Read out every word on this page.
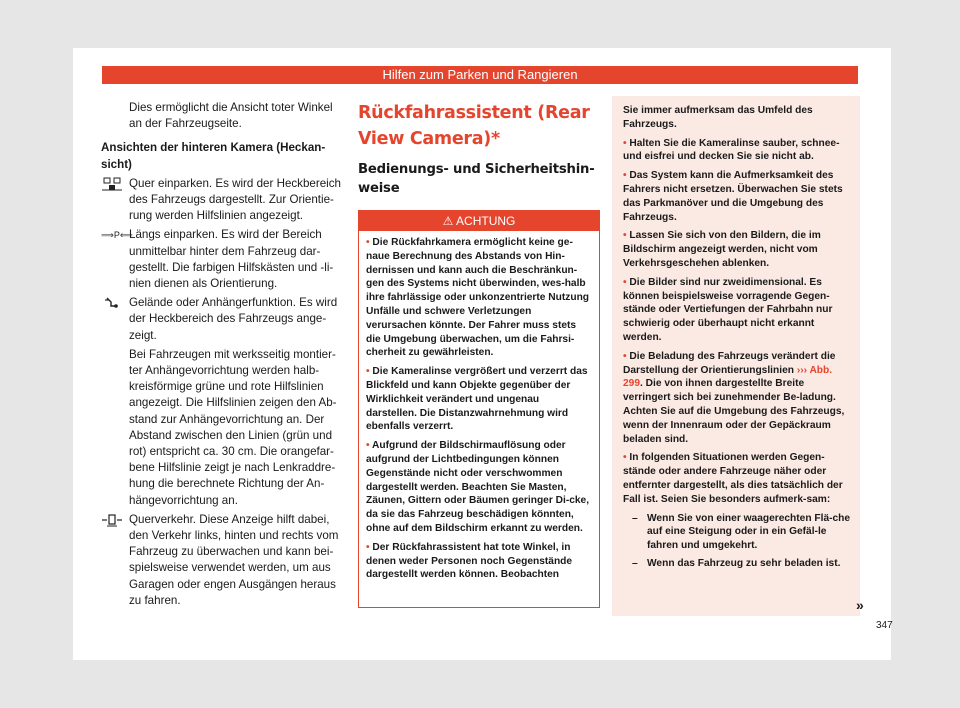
Hilfen zum Parken und Rangieren

Dies ermöglicht die Ansicht toter Winkel an der Fahrzeugseite.

Ansichten der hinteren Kamera (Heckan-sicht)

Quer einparken. Es wird der Heckbereich des Fahrzeugs dargestellt. Zur Orientie-rung werden Hilfslinien angezeigt.
⟹P⟸
Längs einparken. Es wird der Bereich unmittelbar hinter dem Fahrzeug dar-gestellt. Die farbigen Hilfskästen und -li-nien dienen als Orientierung.
Gelände oder Anhängerfunktion. Es wird der Heckbereich des Fahrzeugs ange-zeigt.

Bei Fahrzeugen mit werksseitig montier-ter Anhängevorrichtung werden halb-kreisförmige grüne und rote Hilfslinien angezeigt. Die Hilfslinien zeigen den Ab-stand zur Anhängevorrichtung an. Der Abstand zwischen den Linien (grün und rot) entspricht ca. 30 cm. Die orangefar-bene Hilfslinie zeigt je nach Lenkraddre-hung die berechnete Richtung der An-hängevorrichtung an.

Querverkehr. Diese Anzeige hilft dabei, den Verkehr links, hinten und rechts vom Fahrzeug zu überwachen und kann bei-spielsweise verwendet werden, um aus Garagen oder engen Ausgängen heraus zu fahren.
Rückfahrassistent (Rear View Camera)*
Bedienungs- und Sicherheitshin-weise
⚠ ACHTUNG

• Die Rückfahrkamera ermöglicht keine ge-naue Berechnung des Abstands von Hin-dernissen und kann auch die Beschränkun-gen des Systems nicht überwinden, wes-halb ihre fahrlässige oder unkonzentrierte Nutzung Unfälle und schwere Verletzungen verursachen könnte. Der Fahrer muss stets die Umgebung überwachen, um die Fahrsi-cherheit zu gewährleisten.

• Die Kameralinse vergrößert und verzerrt das Blickfeld und kann Objekte gegenüber der Wirklichkeit verändert und ungenau darstellen. Die Distanzwahrnehmung wird ebenfalls verzerrt.

• Aufgrund der Bildschirmauflösung oder aufgrund der Lichtbedingungen können Gegenstände nicht oder verschwommen dargestellt werden. Beachten Sie Masten, Zäunen, Gittern oder Bäumen geringer Di-cke, da sie das Fahrzeug beschädigen könnten, ohne auf dem Bildschirm erkannt zu werden.

• Der Rückfahrassistent hat tote Winkel, in denen weder Personen noch Gegenstände dargestellt werden können. Beobachten

Sie immer aufmerksam das Umfeld des Fahrzeugs.

• Halten Sie die Kameralinse sauber, schnee- und eisfrei und decken Sie sie nicht ab.

• Das System kann die Aufmerksamkeit des Fahrers nicht ersetzen. Überwachen Sie stets das Parkmanöver und die Umgebung des Fahrzeugs.

• Lassen Sie sich von den Bildern, die im Bildschirm angezeigt werden, nicht vom Verkehrsgeschehen ablenken.

• Die Bilder sind nur zweidimensional. Es können beispielsweise vorragende Gegen-stände oder Vertiefungen der Fahrbahn nur schwierig oder überhaupt nicht erkannt werden.

• Die Beladung des Fahrzeugs verändert die Darstellung der Orientierungslinien ››› Abb. 299. Die von ihnen dargestellte Breite verringert sich bei zunehmender Be-ladung. Achten Sie auf die Umgebung des Fahrzeugs, wenn der Innenraum oder der Gepäckraum beladen sind.

• In folgenden Situationen werden Gegen-stände oder andere Fahrzeuge näher oder entfernter dargestellt, als dies tatsächlich der Fall ist. Seien Sie besonders aufmerk-sam:

– Wenn Sie von einer waagerechten Flä-che auf eine Steigung oder in ein Gefäl-le fahren und umgekehrt.

– Wenn das Fahrzeug zu sehr beladen ist.

»
347
